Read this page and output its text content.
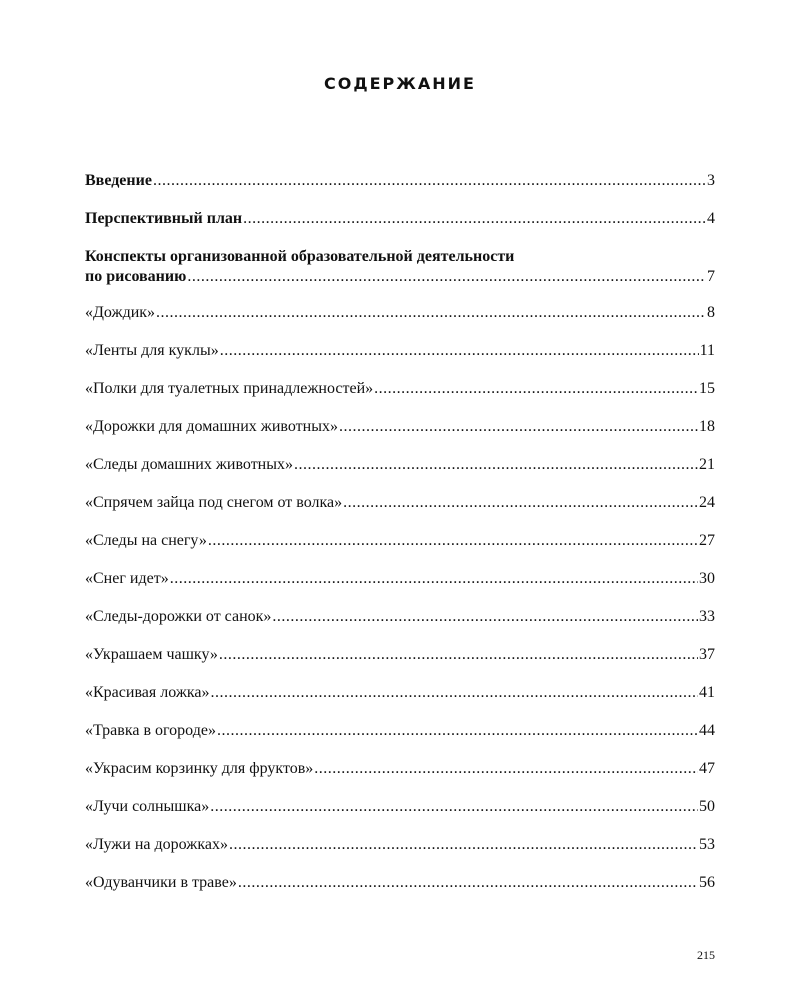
СОДЕРЖАНИЕ
Введение .....	3
Перспективный план .....	4
Конспекты организованной образовательной деятельности
по рисованию .....	7
«Дождик» .....	8
«Ленты для куклы» .....	11
«Полки для туалетных принадлежностей» .....	15
«Дорожки для домашних животных» .....	18
«Следы домашних животных» .....	21
«Спрячем зайца под снегом от волка» .....	24
«Следы на снегу» .....	27
«Снег идет» .....	30
«Следы-дорожки от санок» .....	33
«Украшаем чашку» .....	37
«Красивая ложка» .....	41
«Травка в огороде» .....	44
«Украсим корзинку для фруктов» .....	47
«Лучи солнышка» .....	50
«Лужи на дорожках» .....	53
«Одуванчики в траве» .....	56
215
